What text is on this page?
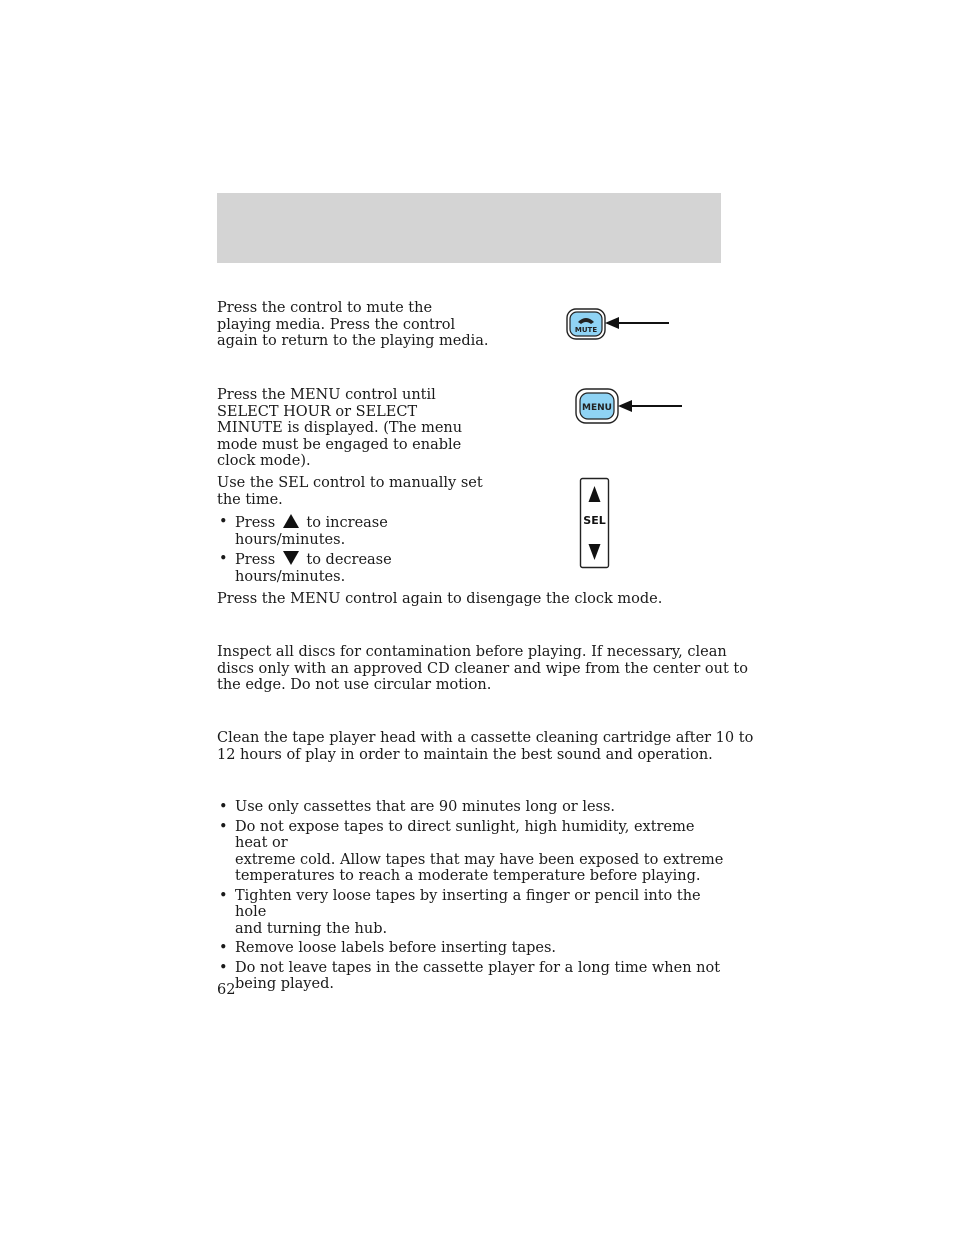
Press the control to mute the
playing media. Press the control
again to return to the playing media.

MUTE

Press the MENU control until
SELECT HOUR or SELECT
MINUTE is displayed. (The menu
mode must be engaged to enable
clock mode).

MENU

Use the SEL control to manually set
the time.

• Press to increase
hours/minutes.
• Press to decrease
hours/minutes.
SEL

Press the MENU control again to disengage the clock mode.

Inspect all discs for contamination before playing. If necessary, clean
discs only with an approved CD cleaner and wipe from the center out to
the edge. Do not use circular motion.

Clean the tape player head with a cassette cleaning cartridge after 10 to
12 hours of play in order to maintain the best sound and operation.

• Use only cassettes that are 90 minutes long or less.
• Do not expose tapes to direct sunlight, high humidity, extreme heat or
extreme cold. Allow tapes that may have been exposed to extreme
temperatures to reach a moderate temperature before playing.
• Tighten very loose tapes by inserting a finger or pencil into the hole
and turning the hub.
• Remove loose labels before inserting tapes.
• Do not leave tapes in the cassette player for a long time when not
being played.
62
